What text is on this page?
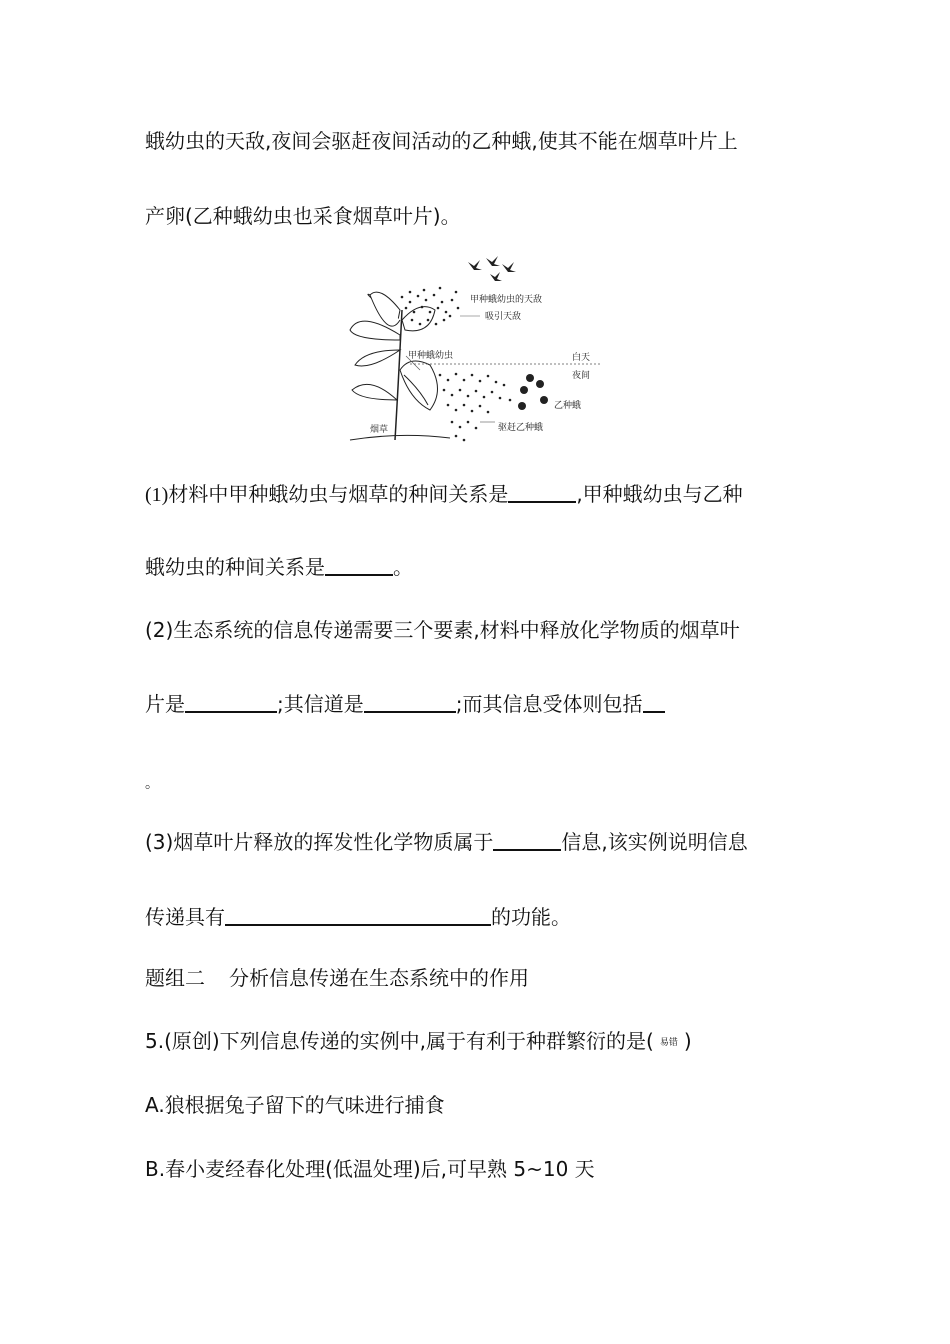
蛾幼虫的天敌,夜间会驱赶夜间活动的乙种蛾,使其不能在烟草叶片上
产卵(乙种蛾幼虫也采食烟草叶片)。
甲种蛾幼虫的天敌
吸引天敌
甲种蛾幼虫	白天
夜间
乙种蛾
烟草	驱赶乙种蛾
(1)材料中甲种蛾幼虫与烟草的种间关系是	,甲种蛾幼虫与乙种
蛾幼虫的种间关系是	。
(2)生态系统的信息传递需要三个要素,材料中释放化学物质的烟草叶
片是	;其信道是	;而其信息受体则包括
。
(3)烟草叶片释放的挥发性化学物质属于	信息,该实例说明信息
传递具有	的功能。
题组二 分析信息传递在生态系统中的作用
5.(原创)下列信息传递的实例中,属于有利于种群繁衍的是( 易错 )
A.狼根据兔子留下的气味进行捕食
B.春小麦经春化处理(低温处理)后,可早熟 5~10 天
